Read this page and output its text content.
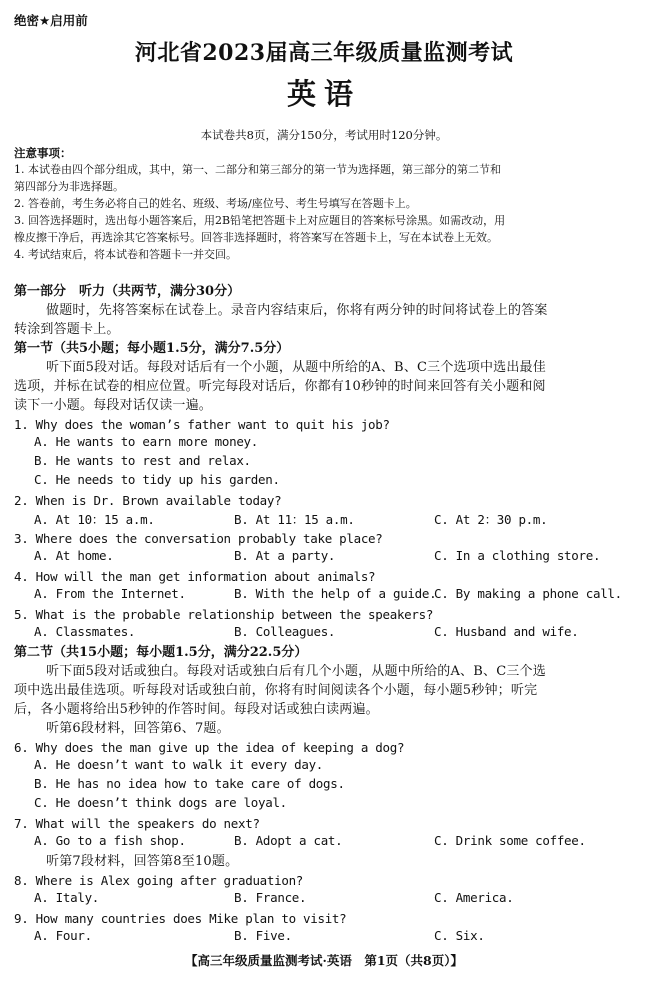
绝密★启用前
河北省2023届高三年级质量监测考试
英语
本试卷共8页，满分150分，考试用时120分钟。
注意事项：
1. 本试卷由四个部分组成，其中，第一、二部分和第三部分的第一节为选择题，第三部分的第二节和
第四部分为非选择题。
2. 答卷前，考生务必将自己的姓名、班级、考场/座位号、考生号填写在答题卡上。
3. 回答选择题时，选出每小题答案后，用2B铅笔把答题卡上对应题目的答案标号涂黑。如需改动，用
橡皮擦干净后，再选涂其它答案标号。回答非选择题时，将答案写在答题卡上，写在本试卷上无效。
4. 考试结束后，将本试卷和答题卡一并交回。
第一部分　听力（共两节，满分30分）
做题时，先将答案标在试卷上。录音内容结束后，你将有两分钟的时间将试卷上的答案
转涂到答题卡上。
第一节（共5小题；每小题1.5分，满分7.5分）
听下面5段对话。每段对话后有一个小题，从题中所给的A、B、C三个选项中选出最佳
选项，并标在试卷的相应位置。听完每段对话后，你都有10秒钟的时间来回答有关小题和阅
读下一小题。每段对话仅读一遍。
1. Why does the woman’s father want to quit his job?
A. He wants to earn more money.
B. He wants to rest and relax.
C. He needs to tidy up his garden.
2. When is Dr. Brown available today?
A. At 10：15 a.m.	B. At 11：15 a.m.	C. At 2：30 p.m.
3. Where does the conversation probably take place?
A. At home.	B. At a party.	C. In a clothing store.
4. How will the man get information about animals?
A. From the Internet.	B. With the help of a guide.
C. By making a phone call.
5. What is the probable relationship between the speakers?
A. Classmates.	B. Colleagues.	C. Husband and wife.
第二节（共15小题；每小题1.5分，满分22.5分）
听下面5段对话或独白。每段对话或独白后有几个小题，从题中所给的A、B、C三个选
项中选出最佳选项。听每段对话或独白前，你将有时间阅读各个小题，每小题5秒钟；听完
后，各小题将给出5秒钟的作答时间。每段对话或独白读两遍。
听第6段材料，回答第6、7题。
6. Why does the man give up the idea of keeping a dog?
A. He doesn’t want to walk it every day.
B. He has no idea how to take care of dogs.
C. He doesn’t think dogs are loyal.
7. What will the speakers do next?
A. Go to a fish shop.	B. Adopt a cat.	C. Drink some coffee.
听第7段材料，回答第8至10题。
8. Where is Alex going after graduation?
A. Italy.	B. France.	C. America.
9. How many countries does Mike plan to visit?
A. Four.	B. Five.	C. Six.
【高三年级质量监测考试·英语　第1页（共8页）】
